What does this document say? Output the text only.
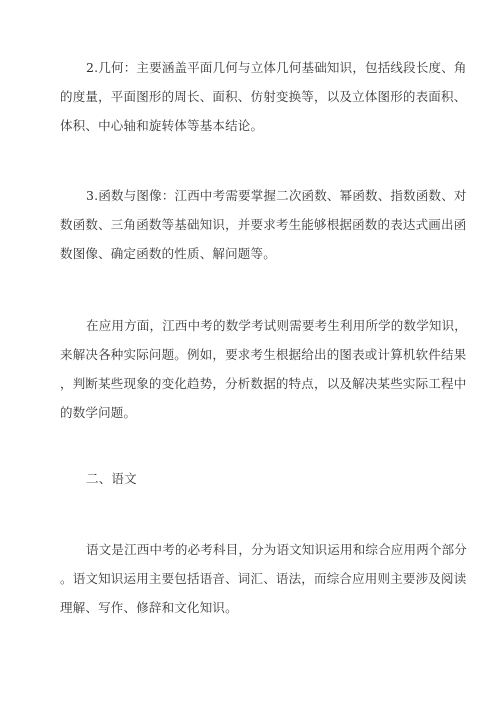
2.几何：主要涵盖平面几何与立体几何基础知识，包括线段长度、角
的度量，平面图形的周长、面积、仿射变换等，以及立体图形的表面积、
体积、中心轴和旋转体等基本结论。

3.函数与图像：江西中考需要掌握二次函数、幂函数、指数函数、对
数函数、三角函数等基础知识，并要求考生能够根据函数的表达式画出函
数图像、确定函数的性质、解问题等。

在应用方面，江西中考的数学考试则需要考生利用所学的数学知识，
来解决各种实际问题。例如，要求考生根据给出的图表或计算机软件结果
，判断某些现象的变化趋势，分析数据的特点，以及解决某些实际工程中
的数学问题。

二、语文

语文是江西中考的必考科目，分为语文知识运用和综合应用两个部分
。语文知识运用主要包括语音、词汇、语法，而综合应用则主要涉及阅读
理解、写作、修辞和文化知识。
